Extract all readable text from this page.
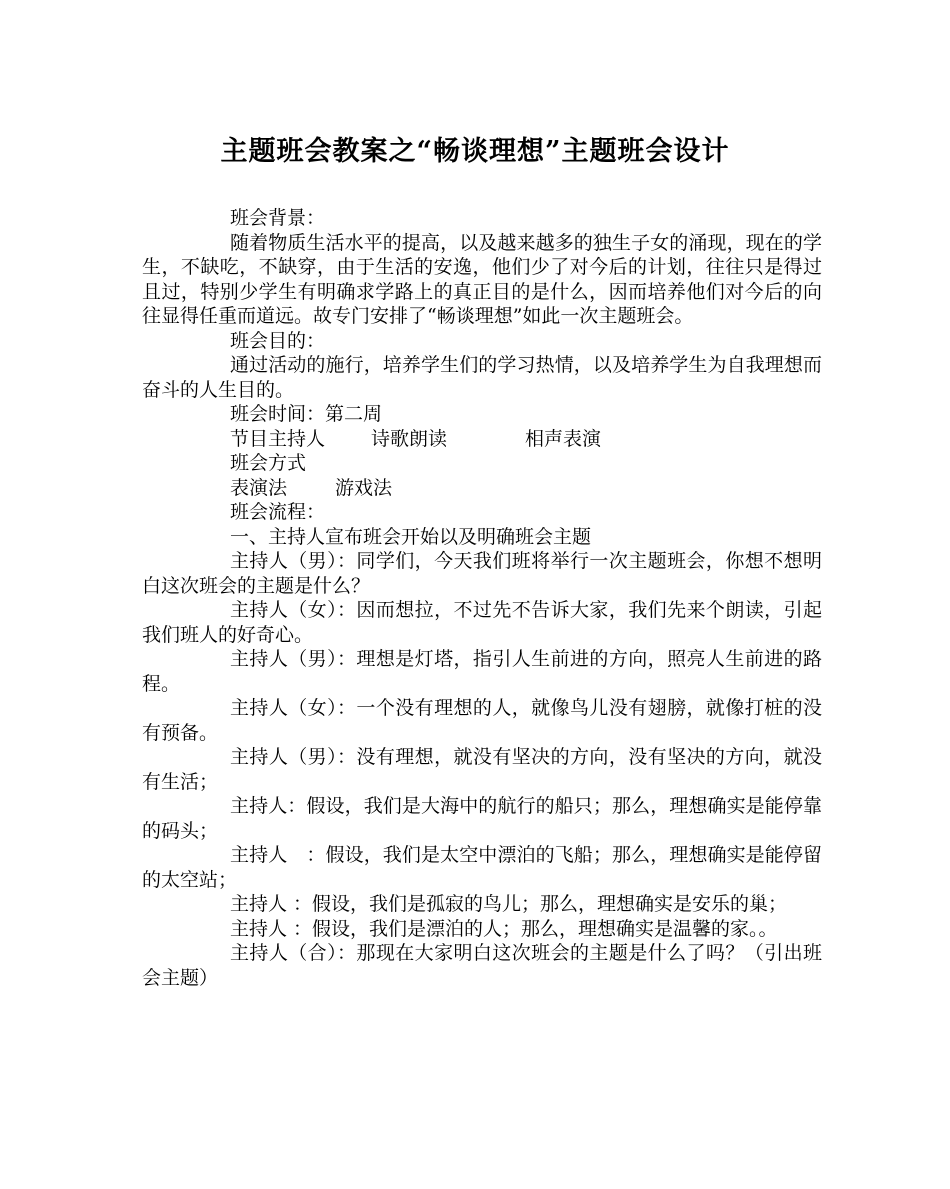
主题班会教案之“畅谈理想”主题班会设计

班会背景：

随着物质生活水平的提高，以及越来越多的独生子女的涌现，现在的学生，不缺吃，不缺穿，由于生活的安逸，他们少了对今后的计划，往往只是得过且过，特别少学生有明确求学路上的真正目的是什么，因而培养他们对今后的向往显得任重而道远。故专门安排了“畅谈理想”如此一次主题班会。

班会目的：

通过活动的施行，培养学生们的学习热情，以及培养学生为自我理想而奋斗的人生目的。

班会时间：第二周

节目主持人 诗歌朗读	相声表演

班会方式

表演法	游戏法

班会流程：

一、主持人宣布班会开始以及明确班会主题

主持人（男）：同学们，今天我们班将举行一次主题班会，你想不想明白这次班会的主题是什么？

主持人（女）：因而想拉，不过先不告诉大家，我们先来个朗读，引起我们班人的好奇心。

主持人（男）：理想是灯塔，指引人生前进的方向，照亮人生前进的路程。

主持人（女）：一个没有理想的人，就像鸟儿没有翅膀，就像打桩的没有预备。

主持人（男）：没有理想，就没有坚决的方向，没有坚决的方向，就没有生活；

主持人：假设，我们是大海中的航行的船只；那么，理想确实是能停靠的码头；

主持人　：假设，我们是太空中漂泊的飞船；那么，理想确实是能停留的太空站；

主持人 ：假设，我们是孤寂的鸟儿；那么，理想确实是安乐的巢；

主持人 ：假设，我们是漂泊的人；那么，理想确实是温馨的家。。

主持人（合）：那现在大家明白这次班会的主题是什么了吗？（引出班会主题）
